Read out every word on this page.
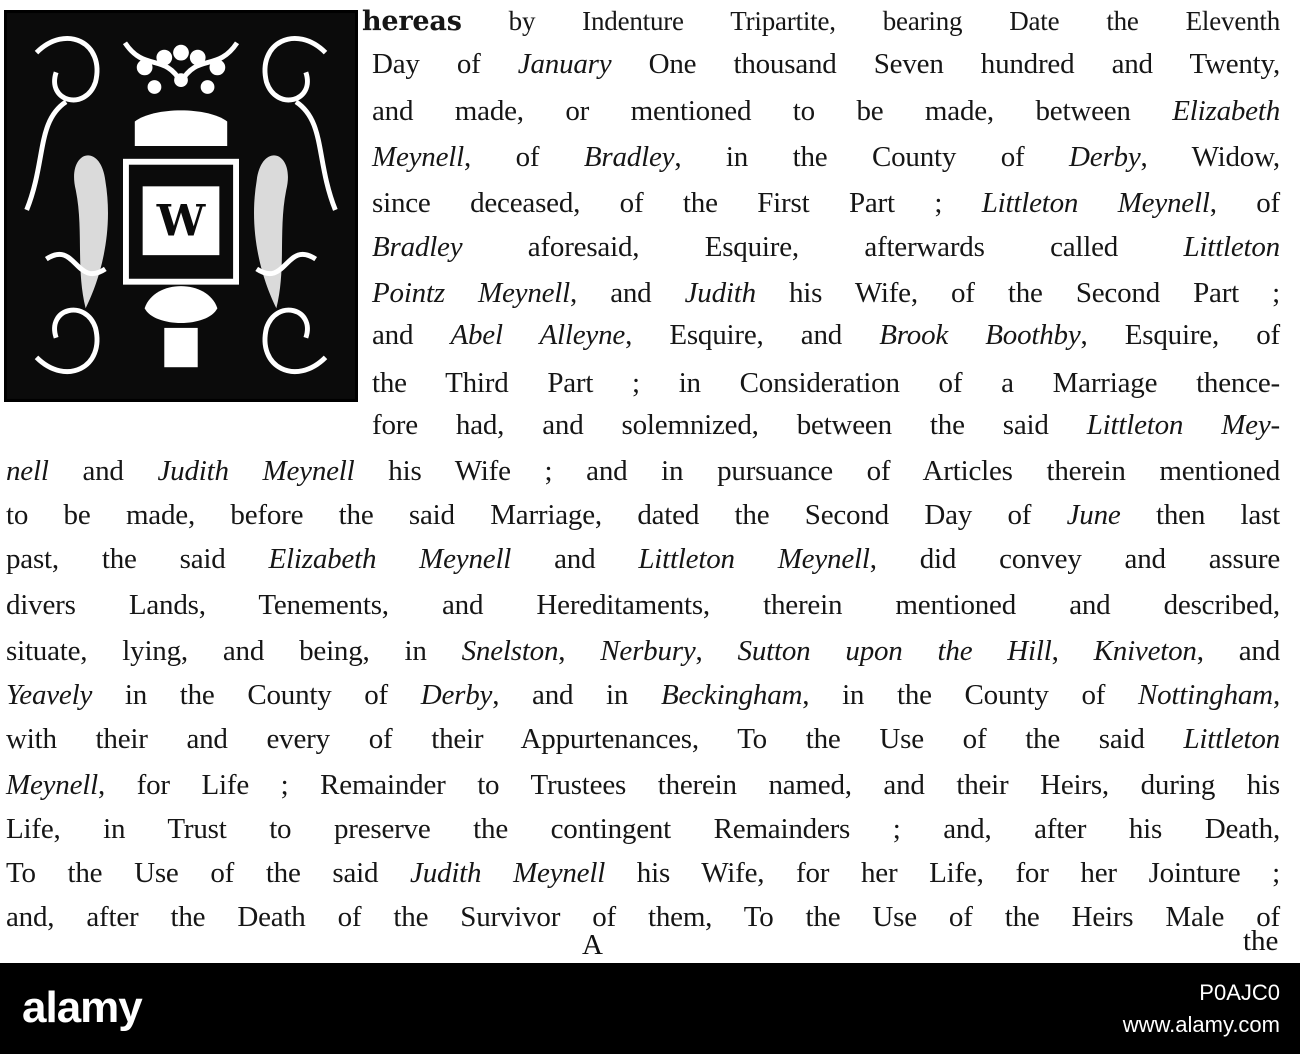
W
hereas by Indenture Tripartite, bearing Date the Eleventh
Day of January One thousand Seven hundred and Twenty,
and made, or mentioned to be made, between Elizabeth
Meynell, of Bradley, in the County of Derby, Widow,
since deceased, of the First Part ; Littleton Meynell, of
Bradley aforesaid, Esquire, afterwards called Littleton
Pointz Meynell, and Judith his Wife, of the Second Part ;
and Abel Alleyne, Esquire, and Brook Boothby, Esquire, of
the Third Part ; in Consideration of a Marriage thence-
fore had, and solemnized, between the said Littleton Mey-
nell and Judith Meynell his Wife ; and in pursuance of Articles therein mentioned
to be made, before the said Marriage, dated the Second Day of June then last
past, the said Elizabeth Meynell and Littleton Meynell, did convey and assure
divers Lands, Tenements, and Hereditaments, therein mentioned and described,
situate, lying, and being, in Snelston, Nerbury, Sutton upon the Hill, Kniveton, and
Yeavely in the County of Derby, and in Beckingham, in the County of Nottingham,
with their and every of their Appurtenances, To the Use of the said Littleton
Meynell, for Life ; Remainder to Trustees therein named, and their Heirs, during his
Life, in Trust to preserve the contingent Remainders ; and, after his Death,
To the Use of the said Judith Meynell his Wife, for her Life, for her Jointure ;
and, after the Death of the Survivor of them, To the Use of the Heirs Male of
A	the
alamy	P0AJC0
www.alamy.com
